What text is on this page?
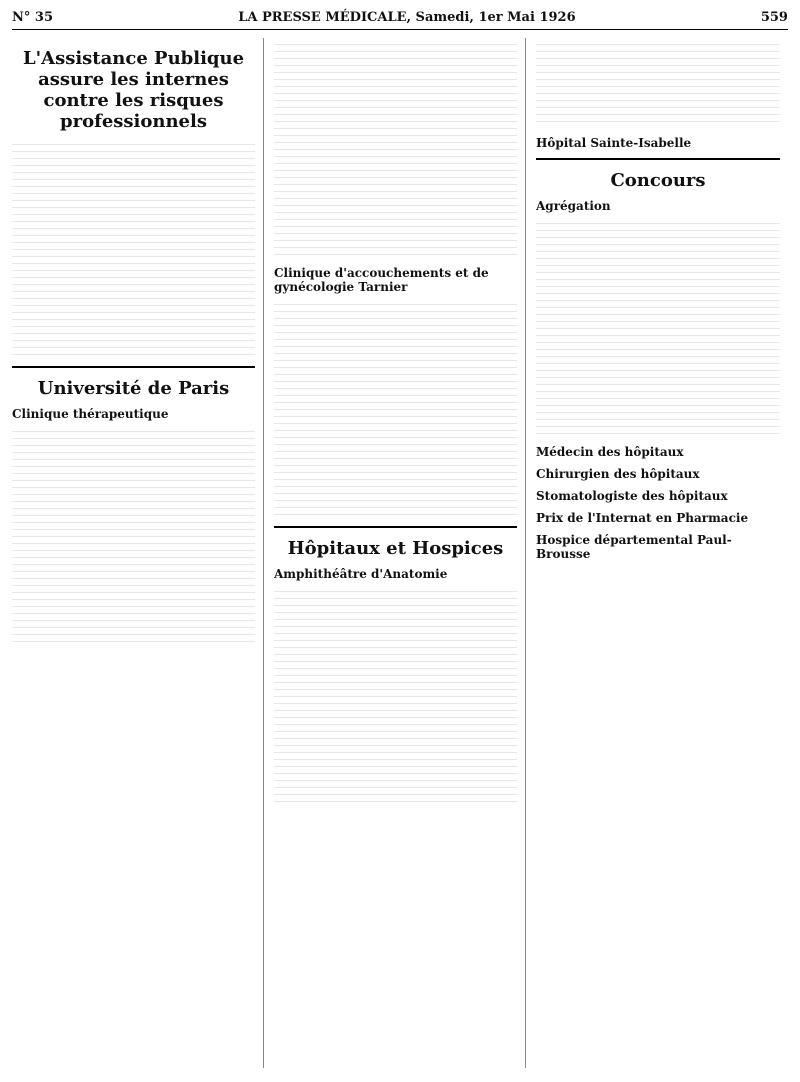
N° 35	LA PRESSE MÉDICALE, Samedi, 1er Mai 1926	559
L'Assistance Publique assure les internes contre les risques professionnels
Université de Paris
Clinique thérapeutique
Clinique d'accouchements et de gynécologie Tarnier
Hôpitaux et Hospices
Amphithéâtre d'Anatomie
Hôpital Sainte-Isabelle
Concours
Agrégation
Médecin des hôpitaux
Chirurgien des hôpitaux
Stomatologiste des hôpitaux
Prix de l'Internat en Pharmacie
Hospice départemental Paul-Brousse
